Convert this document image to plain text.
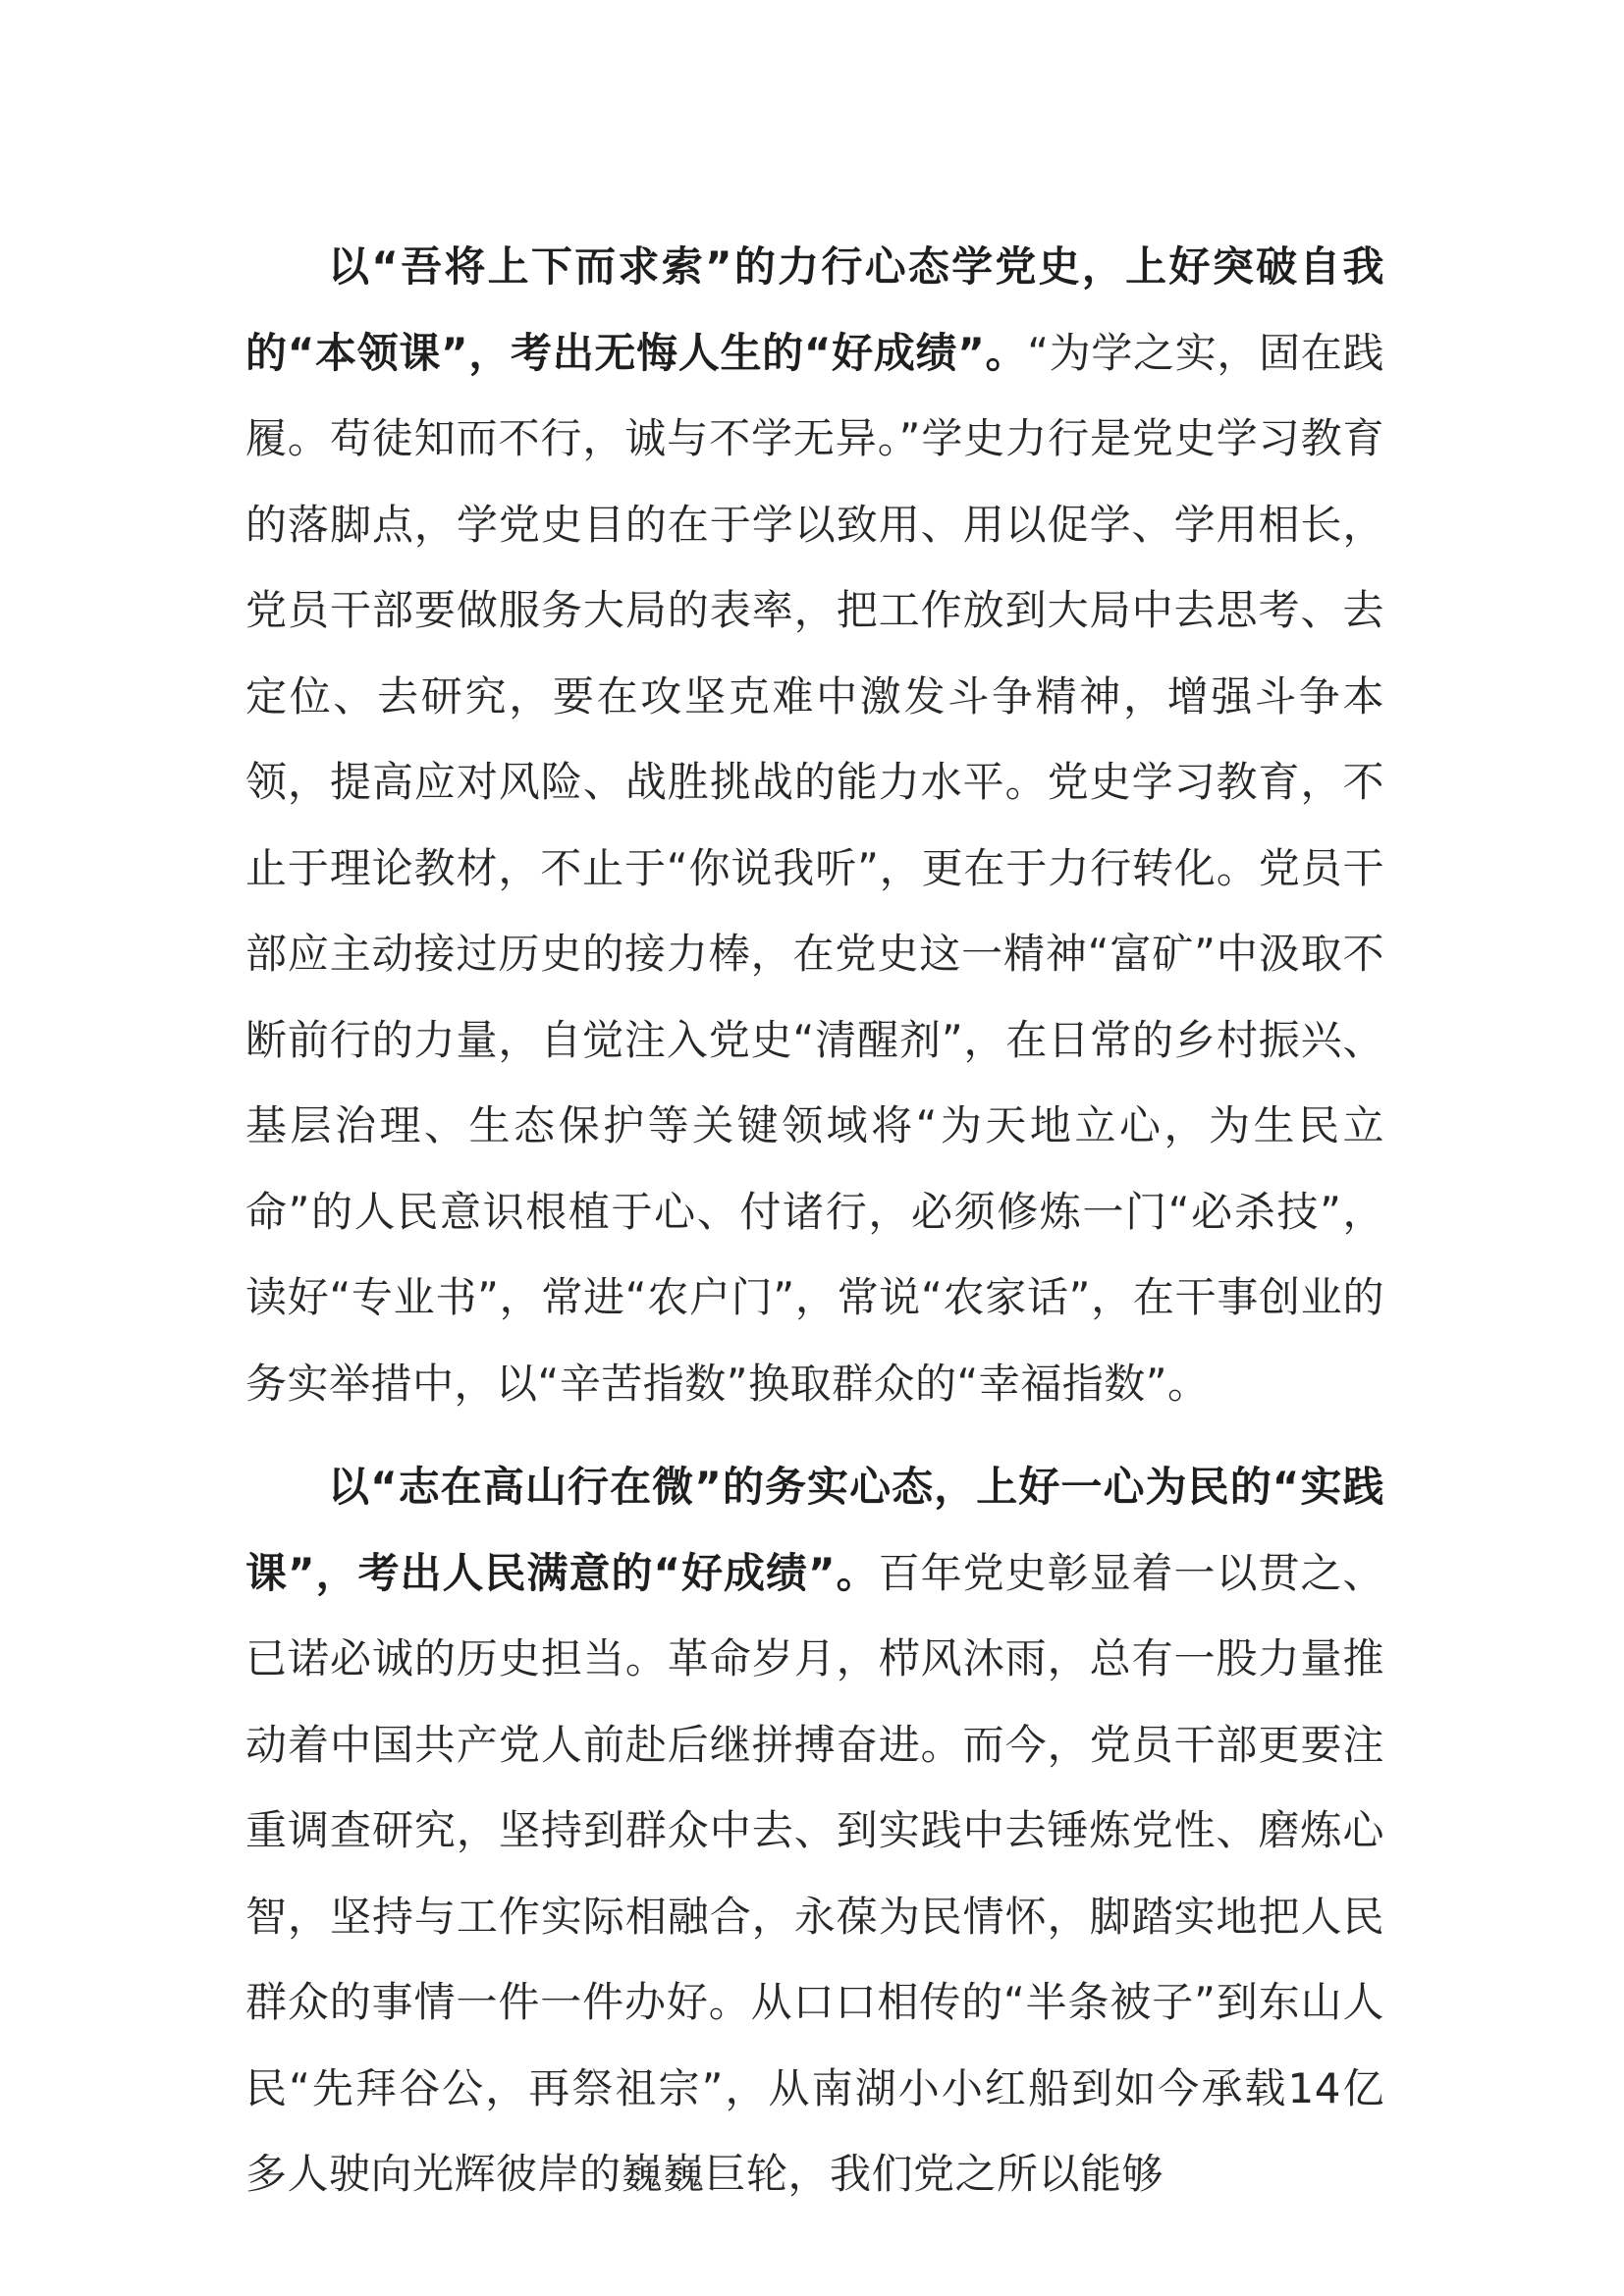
以“吾将上下而求索”的力行心态学党史，上好突破自我的“本领课”，考出无悔人生的“好成绩”。“为学之实，固在践履。苟徒知而不行，诚与不学无异。”学史力行是党史学习教育的落脚点，学党史目的在于学以致用、用以促学、学用相长，党员干部要做服务大局的表率，把工作放到大局中去思考、去定位、去研究，要在攻坚克难中激发斗争精神，增强斗争本领，提高应对风险、战胜挑战的能力水平。党史学习教育，不止于理论教材，不止于“你说我听”，更在于力行转化。党员干部应主动接过历史的接力棒，在党史这一精神“富矿”中汲取不断前行的力量，自觉注入党史“清醒剂”，在日常的乡村振兴、基层治理、生态保护等关键领域将“为天地立心，为生民立命”的人民意识根植于心、付诸行，必须修炼一门“必杀技”，读好“专业书”，常进“农户门”，常说“农家话”，在干事创业的务实举措中，以“辛苦指数”换取群众的“幸福指数”。

以“志在高山行在微”的务实心态，上好一心为民的“实践课”，考出人民满意的“好成绩”。百年党史彰显着一以贯之、已诺必诚的历史担当。革命岁月，栉风沐雨，总有一股力量推动着中国共产党人前赴后继拼搏奋进。而今，党员干部更要注重调查研究，坚持到群众中去、到实践中去锤炼党性、磨炼心智，坚持与工作实际相融合，永葆为民情怀，脚踏实地把人民群众的事情一件一件办好。从口口相传的“半条被子”到东山人民“先拜谷公，再祭祖宗”，从南湖小小红船到如今承载14亿多人驶向光辉彼岸的巍巍巨轮，我们党之所以能够
